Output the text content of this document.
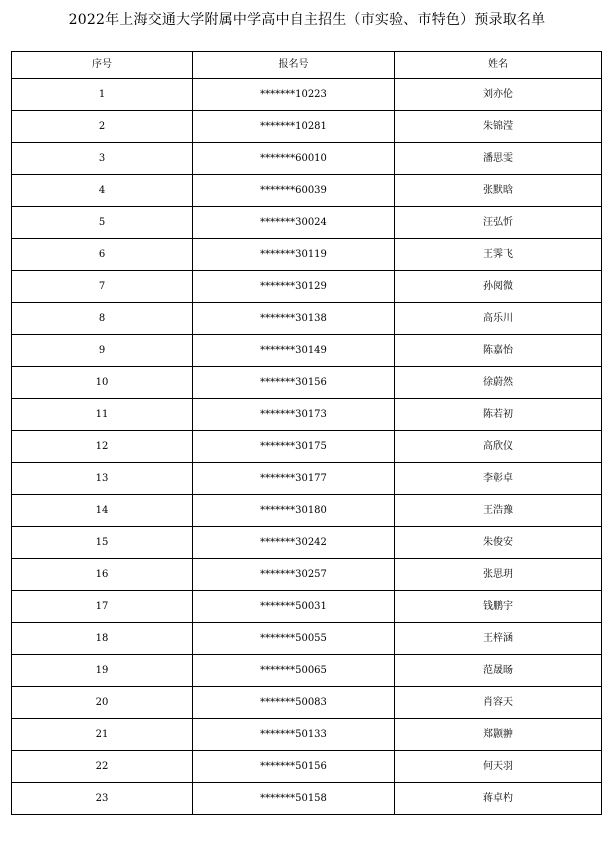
2022年上海交通大学附属中学高中自主招生（市实验、市特色）预录取名单
序号	报名号	姓名
1	*******10223	刘亦伦
2	*******10281	朱锦滢
3	*******60010	潘思雯
4	*******60039	张默晗
5	*******30024	汪弘忻
6	*******30119	王霁飞
7	*******30129	孙阅微
8	*******30138	高乐川
9	*******30149	陈嘉怡
10	*******30156	徐蔚然
11	*******30173	陈若初
12	*******30175	高欣仪
13	*******30177	李彰卓
14	*******30180	王浩豫
15	*******30242	朱俊安
16	*******30257	张思玥
17	*******50031	钱鹏宇
18	*******50055	王梓涵
19	*******50065	范晟旸
20	*******50083	肖容天
21	*******50133	郑颢翀
22	*******50156	何天羽
23	*******50158	蒋卓杓
